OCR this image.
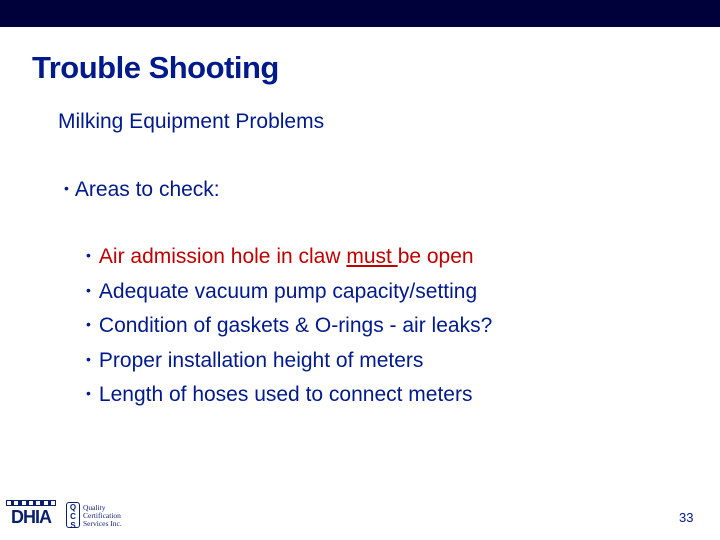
Trouble Shooting
Milking Equipment Problems
• Areas to check:
• Air admission hole in claw must be open
• Adequate vacuum pump capacity/setting
• Condition of gaskets & O-rings - air leaks?
• Proper installation height of meters
• Length of hoses used to connect meters
DHIA	Q
C
S
Quality
Certification
Services Inc.	33
